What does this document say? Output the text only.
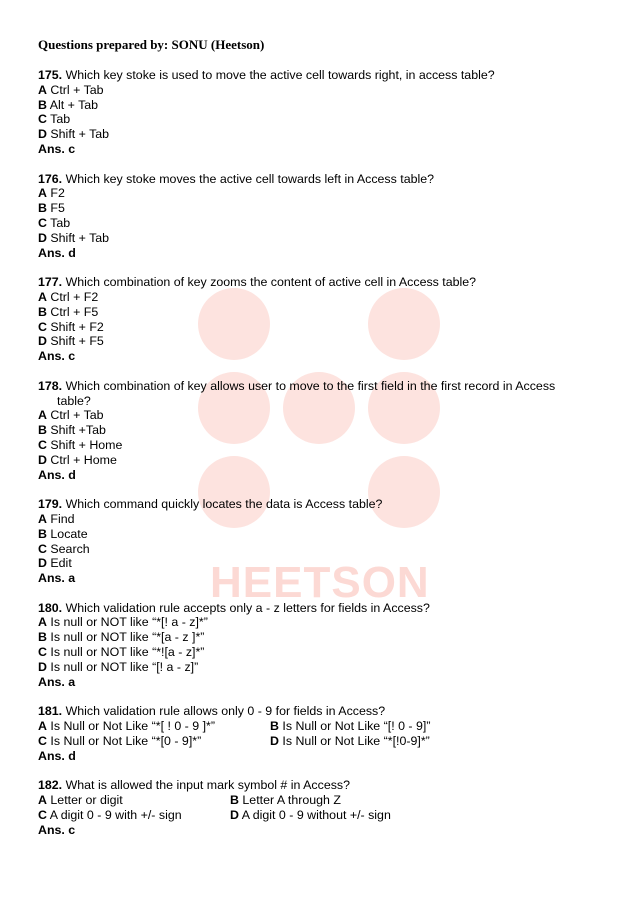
HEETSON
Questions prepared by: SONU (Heetson)
175. Which key stoke is used to move the active cell towards right, in access table?
A Ctrl + Tab
B Alt + Tab
C Tab
D Shift + Tab
Ans. c
176. Which key stoke moves the active cell towards left in Access table?
A F2
B F5
C Tab
D Shift + Tab
Ans. d
177. Which combination of key zooms the content of active cell in Access table?
A Ctrl + F2
B Ctrl + F5
C Shift + F2
D Shift + F5
Ans. c
178. Which combination of key allows user to move to the first field in the first record in Access
table?
A Ctrl + Tab
B Shift +Tab
C Shift + Home
D Ctrl + Home
Ans. d
179. Which command quickly locates the data is Access table?
A Find
B Locate
C Search
D Edit
Ans. a
180. Which validation rule accepts only a - z letters for fields in Access?
A Is null or NOT like “*[! a - z]*”
B Is null or NOT like “*[a - z ]*”
C Is null or NOT like “*![a - z]*”
D Is null or NOT like “[! a - z]”
Ans. a
181. Which validation rule allows only 0 - 9 for fields in Access?
A Is Null or Not Like “*[ ! 0 - 9 ]*”	B Is Null or Not Like “[! 0 - 9]”
C Is Null or Not Like “*[0 - 9]*”	D Is Null or Not Like “*[!0-9]*”
Ans. d
182. What is allowed the input mark symbol # in Access?
A Letter or digit	B Letter A through Z
C A digit 0 - 9 with +/- sign	D A digit 0 - 9 without +/- sign
Ans. c
